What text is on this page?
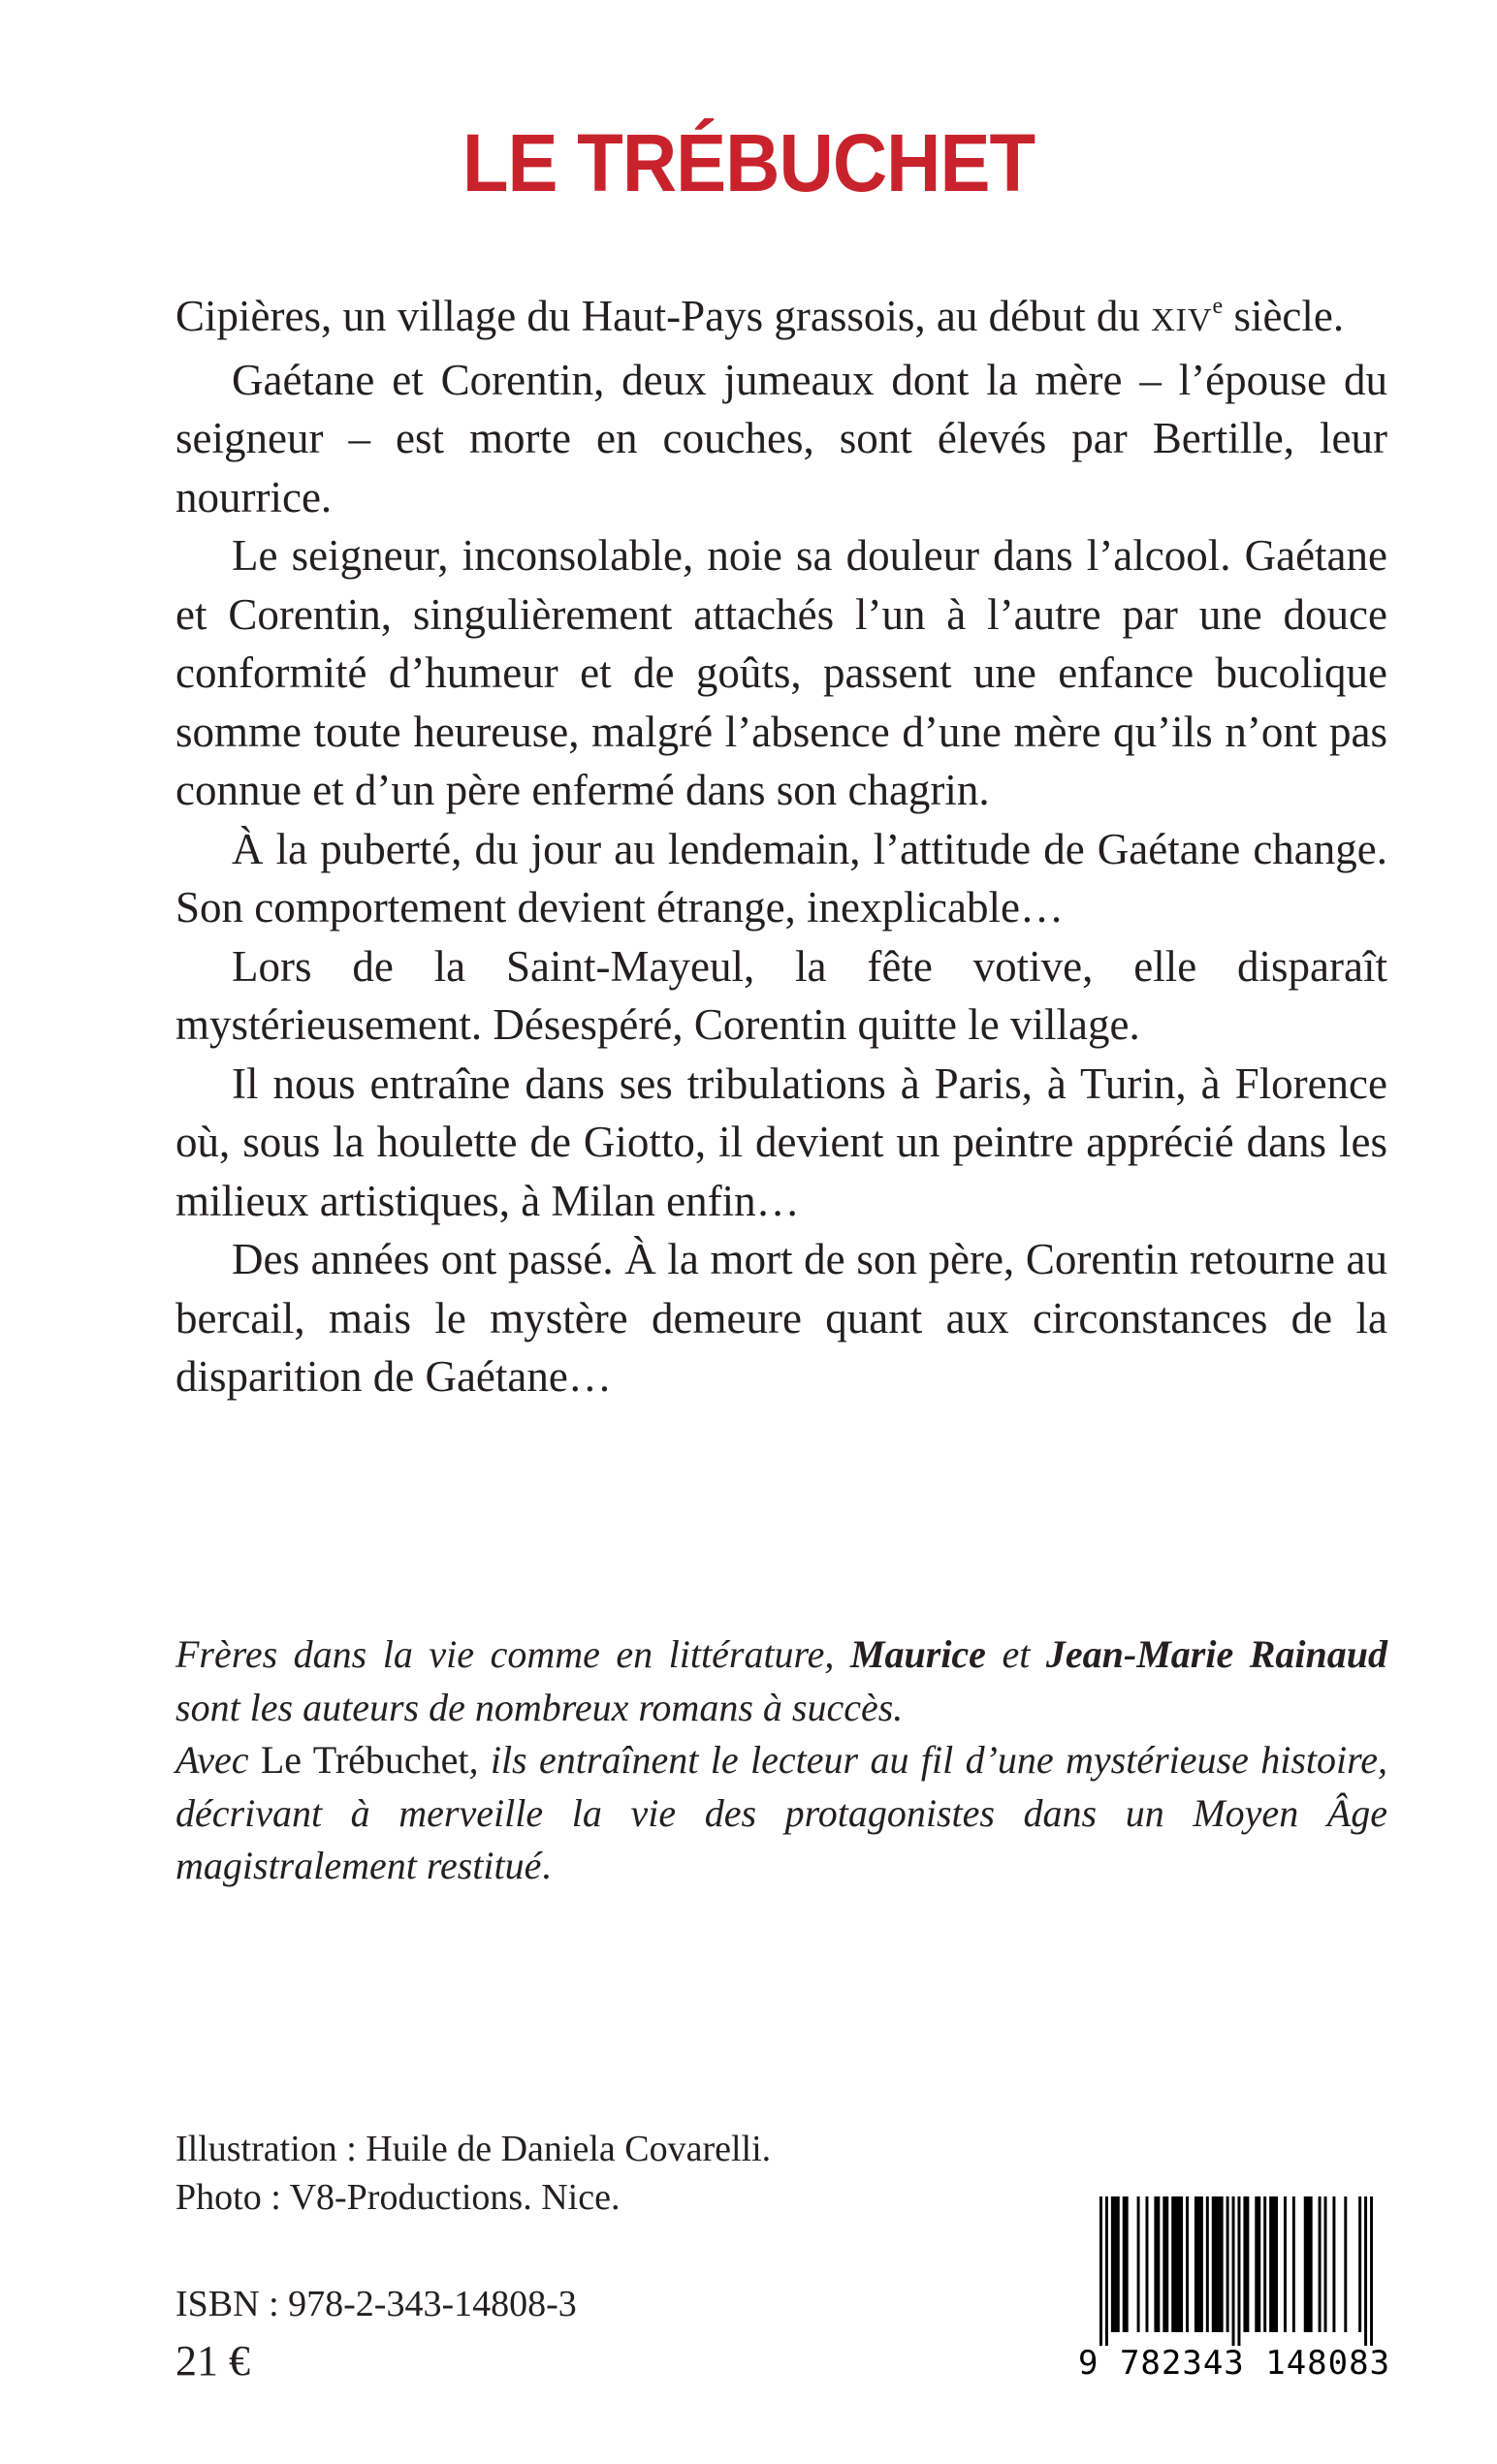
LE TRÉBUCHET

Cipières, un village du Haut-Pays grassois, au début du XIVe siècle.

Gaétane et Corentin, deux jumeaux dont la mère – l’épouse du seigneur – est morte en couches, sont élevés par Bertille, leur nourrice.

Le seigneur, inconsolable, noie sa douleur dans l’alcool. Gaétane et Corentin, singulièrement attachés l’un à l’autre par une douce conformité d’humeur et de goûts, passent une enfance bucolique somme toute heureuse, malgré l’absence d’une mère qu’ils n’ont pas connue et d’un père enfermé dans son chagrin.

À la puberté, du jour au lendemain, l’attitude de Gaétane change. Son comportement devient étrange, inexplicable…

Lors de la Saint-Mayeul, la fête votive, elle disparaît mystérieusement. Désespéré, Corentin quitte le village.

Il nous entraîne dans ses tribulations à Paris, à Turin, à Florence où, sous la houlette de Giotto, il devient un peintre apprécié dans les milieux artistiques, à Milan enfin…

Des années ont passé. À la mort de son père, Corentin retourne au bercail, mais le mystère demeure quant aux circonstances de la disparition de Gaétane…

Frères dans la vie comme en littérature, Maurice et Jean-Marie Rainaud sont les auteurs de nombreux romans à succès.
Avec Le Trébuchet, ils entraînent le lecteur au fil d’une mystérieuse histoire, décrivant à merveille la vie des protagonistes dans un Moyen Âge magistralement restitué.

Illustration : Huile de Daniela Covarelli.
Photo : V8-Productions. Nice.
ISBN : 978-2-343-14808-3
21 €	9 782343 148083
